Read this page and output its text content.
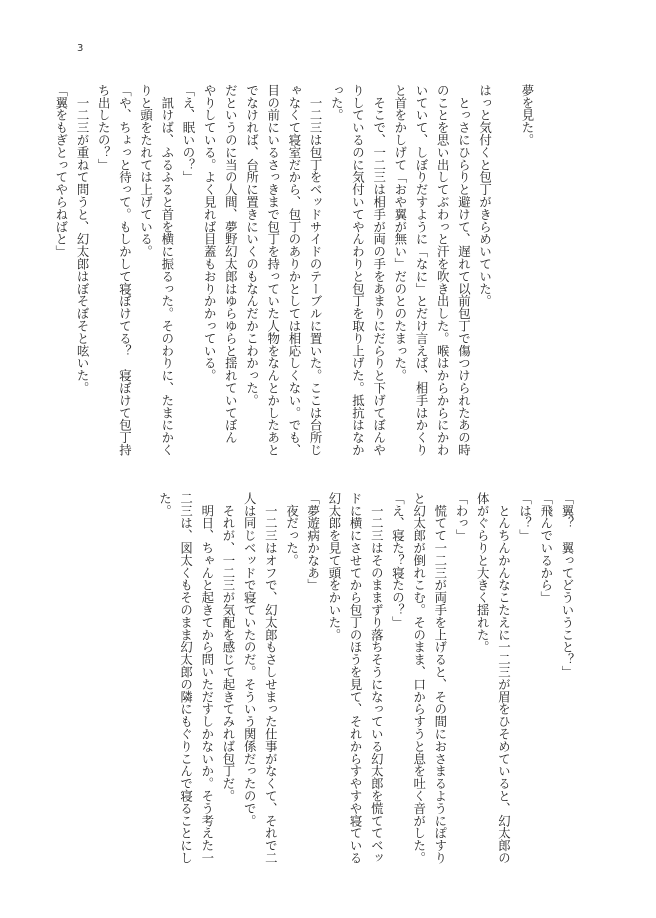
3
夢を見た。
はっと気付くと包丁がきらめいていた。
　とっさにひらりと避けて、遅れて以前包丁で傷つけられたあの時
のことを思い出してぶわっと汗を吹き出した。喉はからからにかわ
いていて、しぼりだすように「なに」とだけ言えば、相手はかくり
と首をかしげて「おや翼が無い」だのとのたまった。
　そこで、一二三は相手が両の手をあまりにだらりと下げてぼんや
りしているのに気付いてやんわりと包丁を取り上げた。抵抗はなか
った。
　一二三は包丁をベッドサイドのテーブルに置いた。ここは台所じ
ゃなくて寝室だから、包丁のありかとしては相応しくない。でも、
目の前にいるさっきまで包丁を持っていた人物をなんとかしたあと
でなければ、台所に置きにいくのもなんだかこわかった。
だというのに当の人間、夢野幻太郎はゆらゆらと揺れていてぼん
やりしている。よく見れば目蓋もおりかかっている。
「え、眠いの？」
　訊けば、ふるふると首を横に振るった。そのわりに、たまにかく
りと頭をたれては上げている。
「や、ちょっと待って。もしかして寝ぼけてる？　寝ぼけて包丁持
ち出したの？」
　一二三が重ねて問うと、幻太郎はぼそぼそと呟いた。
「翼をもぎとってやらねばと」
「翼？　翼ってどういうこと？」
「飛んでいるから」
「は？」
　とんちんかんなこたえに一二三が眉をひそめていると、幻太郎の
体がぐらりと大きく揺れた。
「わっ」
　慌てて一二三が両手を上げると、その間におさまるようにぽすり
と幻太郎が倒れこむ。そのまま、口からすうと息を吐く音がした。
「え、寝た？寝たの？」
　一二三はそのままずり落ちそうになっている幻太郎を慌ててベッ
ドに横にさせてから包丁のほうを見て、それからすやすや寝ている
幻太郎を見て頭をかいた。
「夢遊病かなあ」
　夜だった。
　一二三はオフで、幻太郎もさしせまった仕事がなくて、それで二
人は同じベッドで寝ていたのだ。そういう関係だったので。
　それが、一二三が気配を感じて起きてみれば包丁だ。
　明日、ちゃんと起きてから問いただすしかないか。そう考えた一
二三は、図太くもそのまま幻太郎の隣にもぐりこんで寝ることにし
た。
